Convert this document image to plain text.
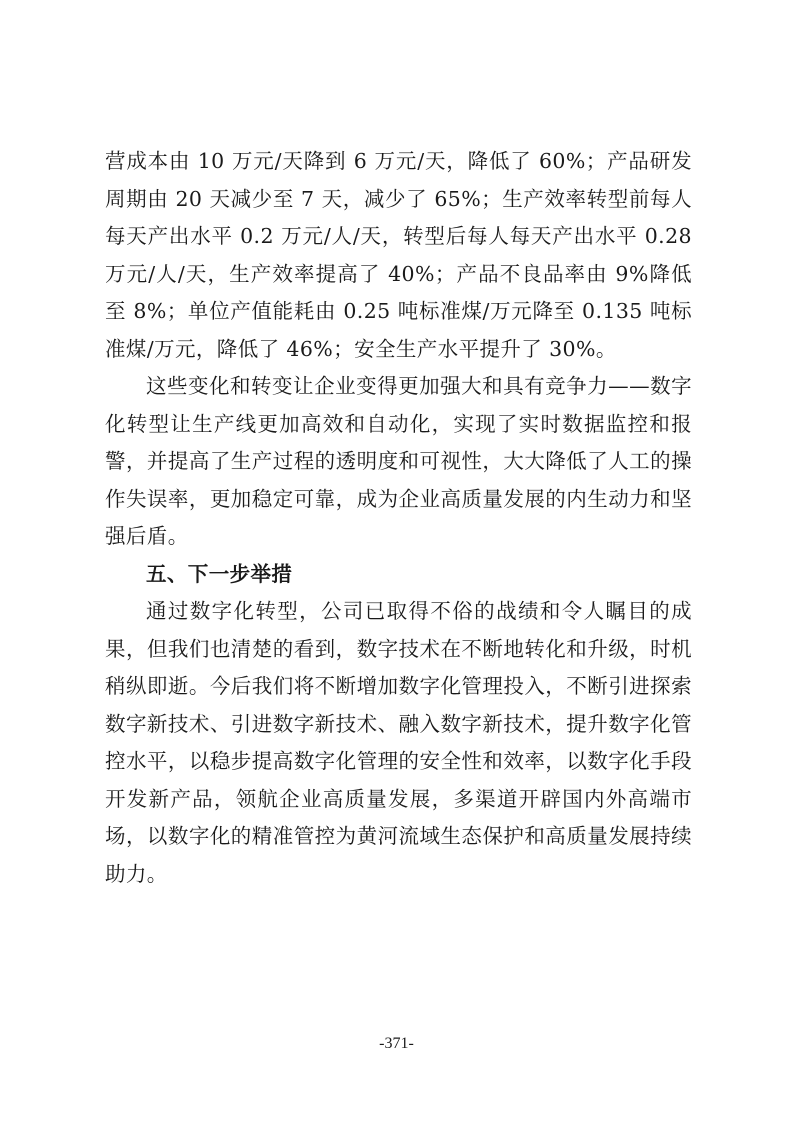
营成本由 10 万元/天降到 6 万元/天，降低了 60%；产品研发周期由 20 天减少至 7 天，减少了 65%；生产效率转型前每人每天产出水平 0.2 万元/人/天，转型后每人每天产出水平 0.28 万元/人/天，生产效率提高了 40%；产品不良品率由 9%降低至 8%；单位产值能耗由 0.25 吨标准煤/万元降至 0.135 吨标准煤/万元，降低了 46%；安全生产水平提升了 30%。

这些变化和转变让企业变得更加强大和具有竞争力——数字化转型让生产线更加高效和自动化，实现了实时数据监控和报警，并提高了生产过程的透明度和可视性，大大降低了人工的操作失误率，更加稳定可靠，成为企业高质量发展的内生动力和坚强后盾。

五、下一步举措

通过数字化转型，公司已取得不俗的战绩和令人瞩目的成果，但我们也清楚的看到，数字技术在不断地转化和升级，时机稍纵即逝。今后我们将不断增加数字化管理投入，不断引进探索数字新技术、引进数字新技术、融入数字新技术，提升数字化管控水平，以稳步提高数字化管理的安全性和效率，以数字化手段开发新产品，领航企业高质量发展，多渠道开辟国内外高端市场，以数字化的精准管控为黄河流域生态保护和高质量发展持续助力。

-371-
